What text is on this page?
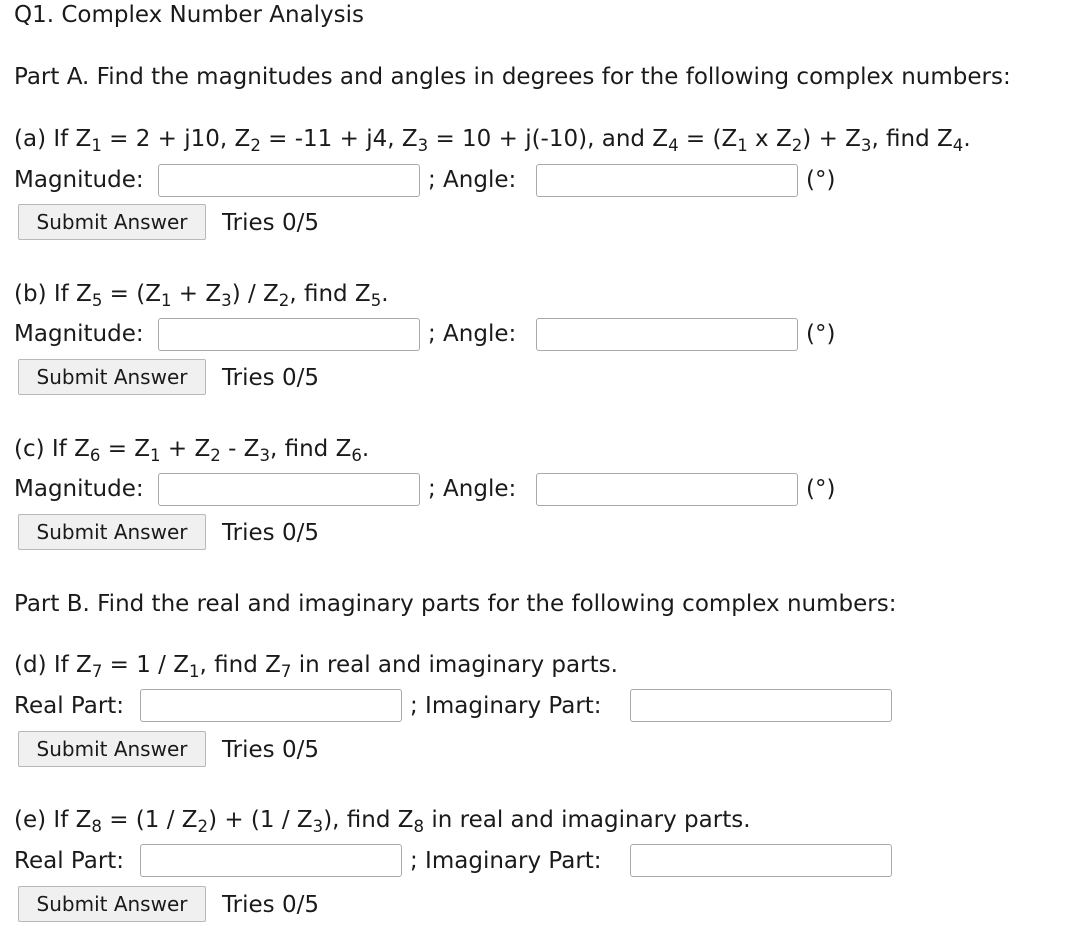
Q1. Complex Number Analysis
Part A. Find the magnitudes and angles in degrees for the following complex numbers:
(a) If $Z_1 = 2 + j10$, $Z_2 = -11 + j4$, $Z_3 = 10 + j(-10)$, and $Z_4 = (Z_1$ x $Z_2) + Z_3$, find $Z_4$.
Magnitude:	; Angle:	(°)
Submit Answer	Tries 0/5
(b) If $Z_5 = (Z_1 + Z_3) / Z_2$, find $Z_5$.
Magnitude:	; Angle:	(°)
Submit Answer	Tries 0/5
(c) If $Z_6 = Z_1 + Z_2 - Z_3$, find $Z_6$.
Magnitude:	; Angle:	(°)
Submit Answer	Tries 0/5
Part B. Find the real and imaginary parts for the following complex numbers:
(d) If $Z_7 = 1 / Z_1$, find $Z_7$ in real and imaginary parts.
Real Part:	; Imaginary Part:
Submit Answer	Tries 0/5
(e) If $Z_8 = (1 / Z_2) + (1 / Z_3)$, find $Z_8$ in real and imaginary parts.
Real Part:	; Imaginary Part:
Submit Answer	Tries 0/5
